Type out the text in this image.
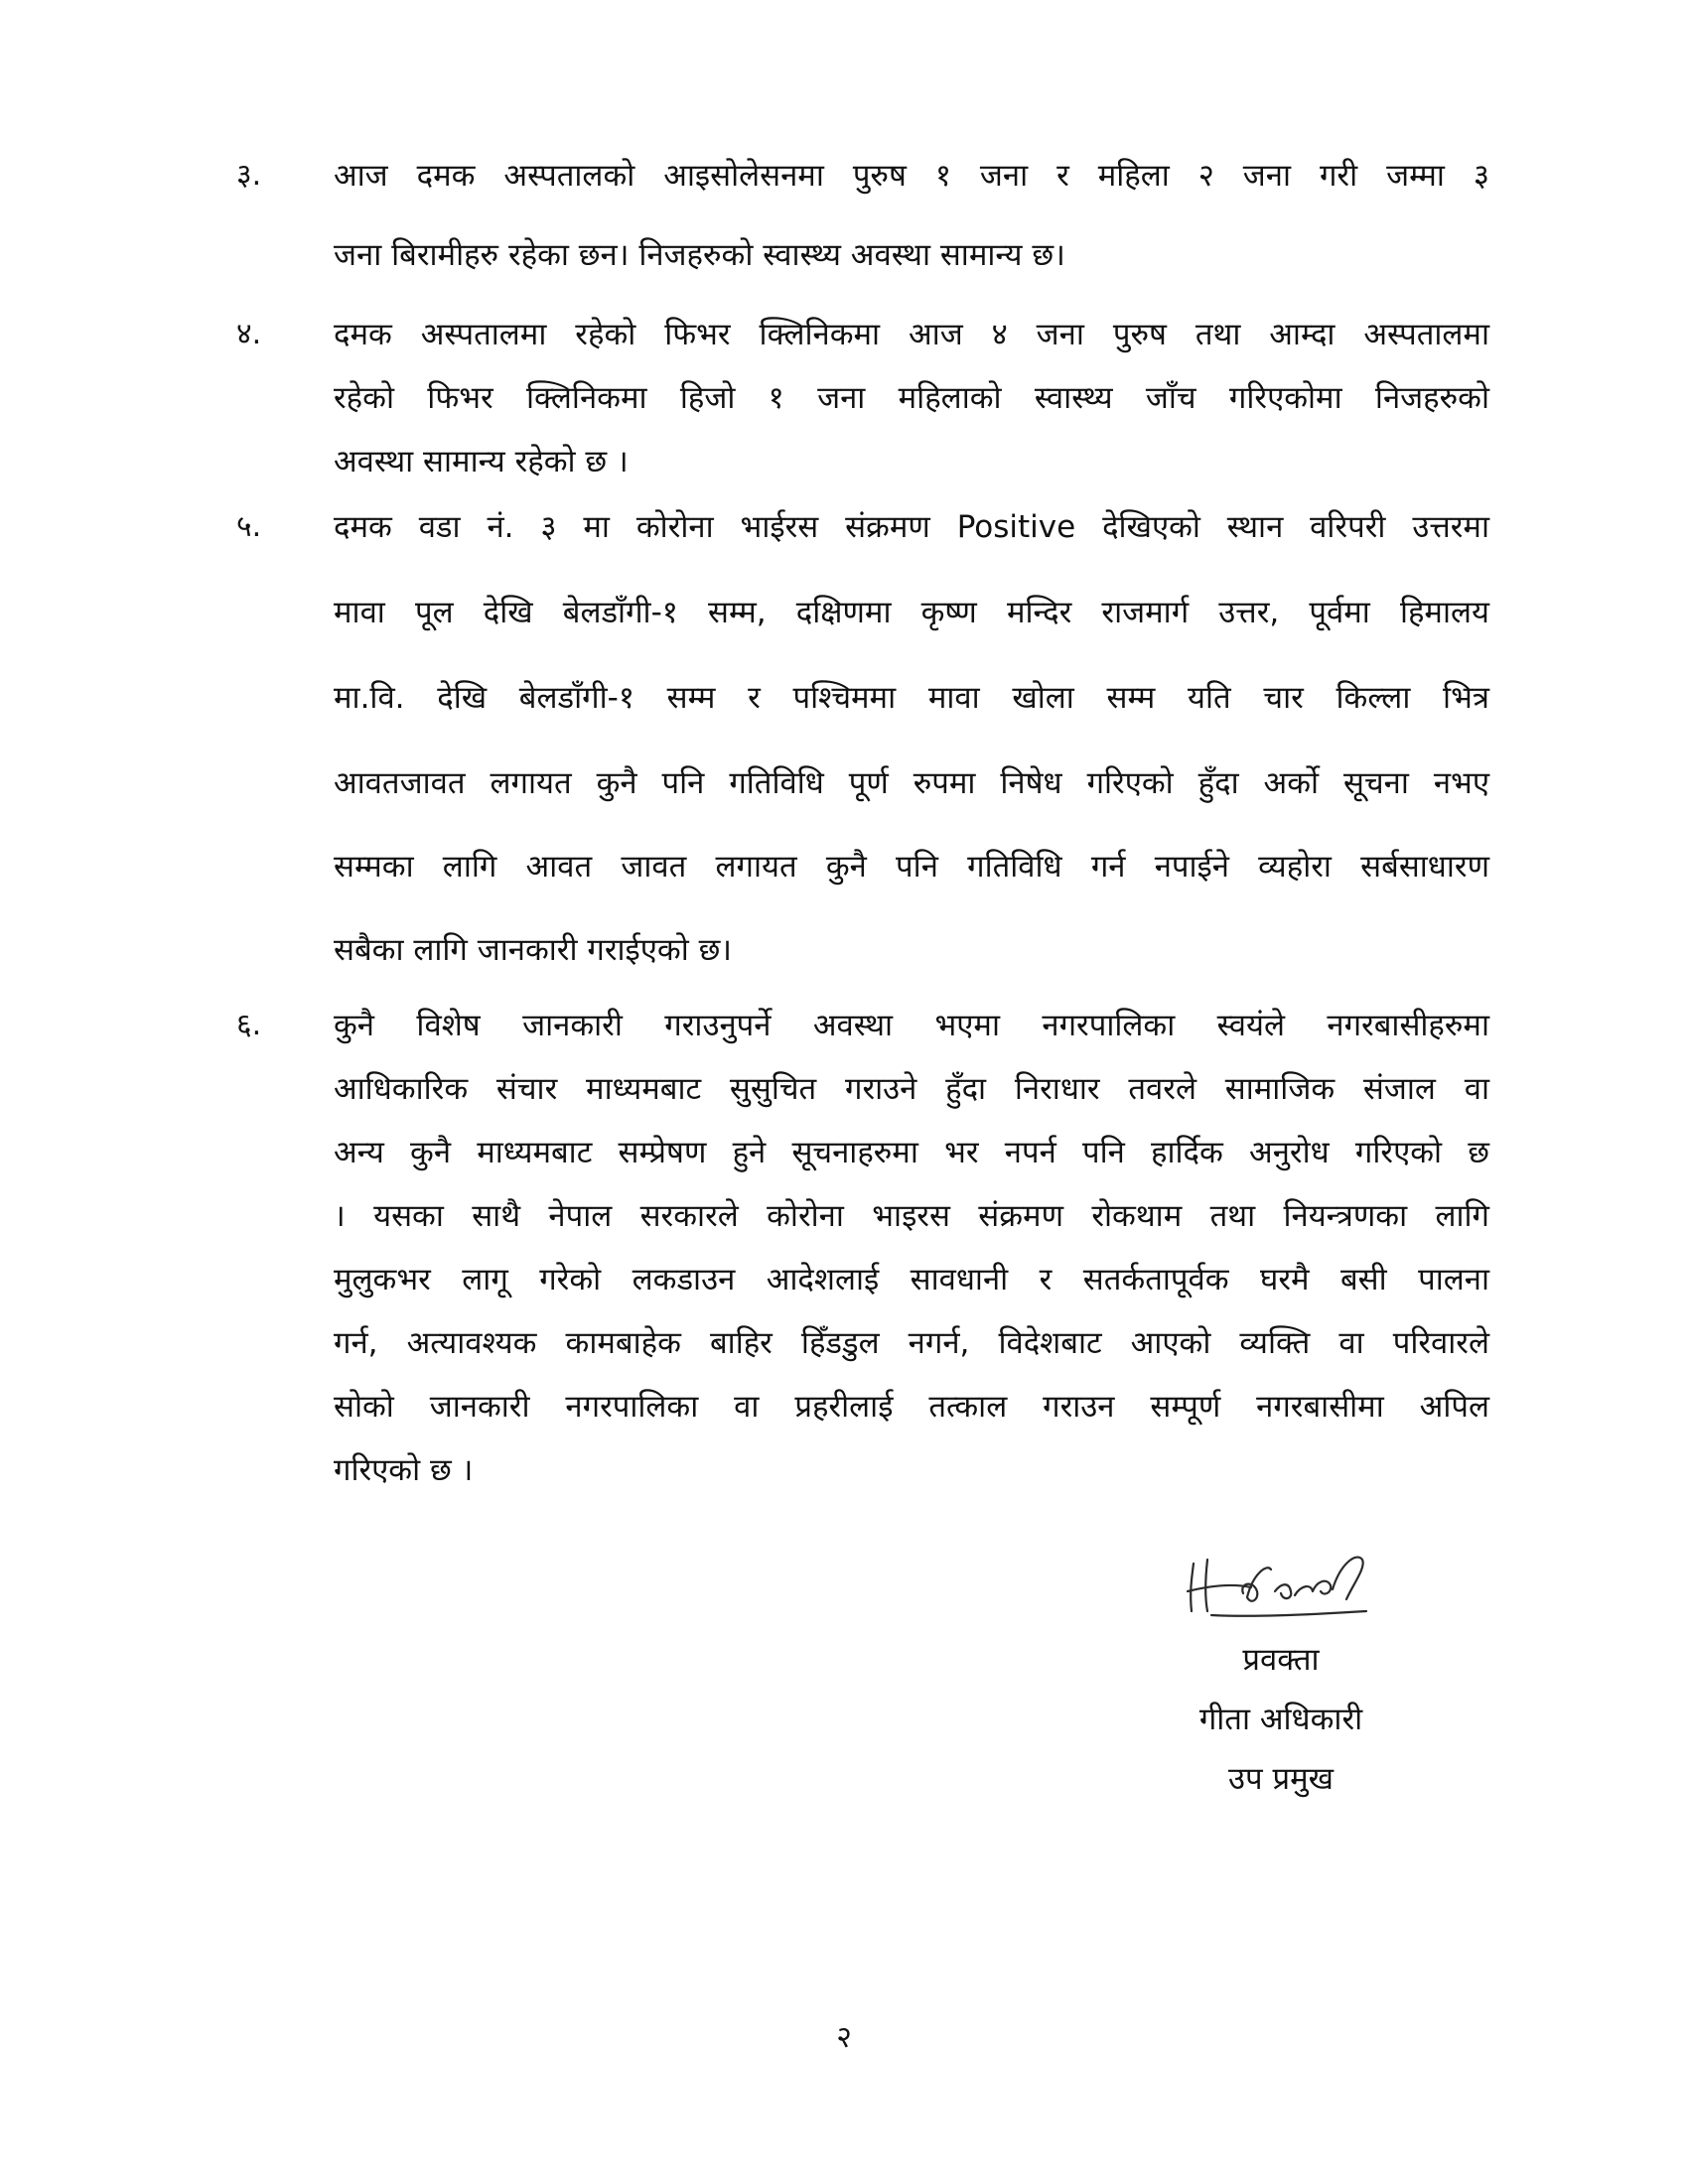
३.	आज दमक अस्पतालको आइसोलेसनमा पुरुष १ जना र महिला २ जना गरी जम्मा ३
जना बिरामीहरु रहेका छन। निजहरुको स्वास्थ्य अवस्था सामान्य छ।
४.	दमक अस्पतालमा रहेको फिभर क्लिनिकमा आज ४ जना पुरुष तथा आम्दा अस्पतालमा
रहेको फिभर क्लिनिकमा हिजो १ जना महिलाको स्वास्थ्य जाँच गरिएकोमा निजहरुको
अवस्था सामान्य रहेको छ ।
५.	दमक वडा नं. ३ मा कोरोना भाईरस संक्रमण Positive देखिएको स्थान वरिपरी उत्तरमा
मावा पूल देखि बेलडाँगी-१ सम्म, दक्षिणमा कृष्ण मन्दिर राजमार्ग उत्तर, पूर्वमा हिमालय
मा.वि. देखि बेलडाँगी-१ सम्म र पश्चिममा मावा खोला सम्म यति चार किल्ला भित्र
आवतजावत लगायत कुनै पनि गतिविधि पूर्ण रुपमा निषेध गरिएको हुँदा अर्को सूचना नभए
सम्मका लागि आवत जावत लगायत कुनै पनि गतिविधि गर्न नपाईने व्यहोरा सर्बसाधारण
सबैका लागि जानकारी गराईएको छ।
६.	कुनै विशेष जानकारी गराउनुपर्ने अवस्था भएमा नगरपालिका स्वयंले नगरबासीहरुमा
आधिकारिक संचार माध्यमबाट सुसुचित गराउने हुँदा निराधार तवरले सामाजिक संजाल वा
अन्य कुनै माध्यमबाट सम्प्रेषण हुने सूचनाहरुमा भर नपर्न पनि हार्दिक अनुरोध गरिएको छ
। यसका साथै नेपाल सरकारले कोरोना भाइरस संक्रमण रोकथाम तथा नियन्त्रणका लागि
मुलुकभर लागू गरेको लकडाउन आदेशलाई सावधानी र सतर्कतापूर्वक घरमै बसी पालना
गर्न, अत्यावश्यक कामबाहेक बाहिर हिँडडुल नगर्न, विदेशबाट आएको व्यक्ति वा परिवारले
सोको जानकारी नगरपालिका वा प्रहरीलाई तत्काल गराउन सम्पूर्ण नगरबासीमा अपिल
गरिएको छ ।
प्रवक्ता
गीता अधिकारी
उप प्रमुख
२
